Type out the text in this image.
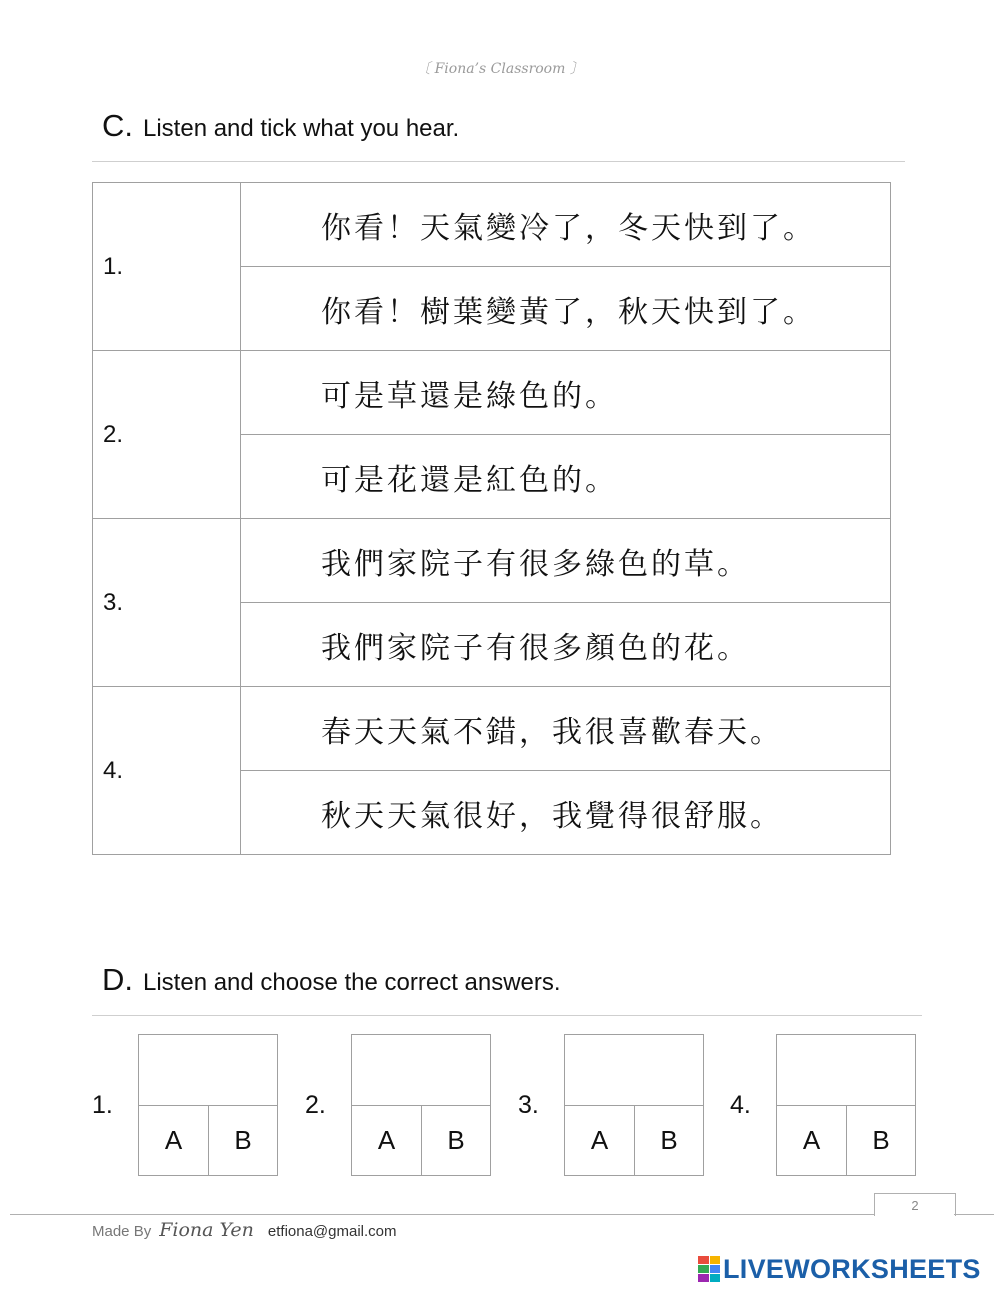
〔 Fiona’s Classroom 〕
C. Listen and tick what you hear.
1.	你看！天氣變冷了，冬天快到了。
	你看！樹葉變黃了，秋天快到了。
2.	可是草還是綠色的。
	可是花還是紅色的。
3.	我們家院子有很多綠色的草。
	我們家院子有很多顏色的花。
4.	春天天氣不錯，我很喜歡春天。
	秋天天氣很好，我覺得很舒服。
D. Listen and choose the correct answers.
1.
A	B
2.
A	B
3.
A	B
4.
A	B
2
Made By Fiona Yen etfiona@gmail.com
LIVEWORKSHEETS
